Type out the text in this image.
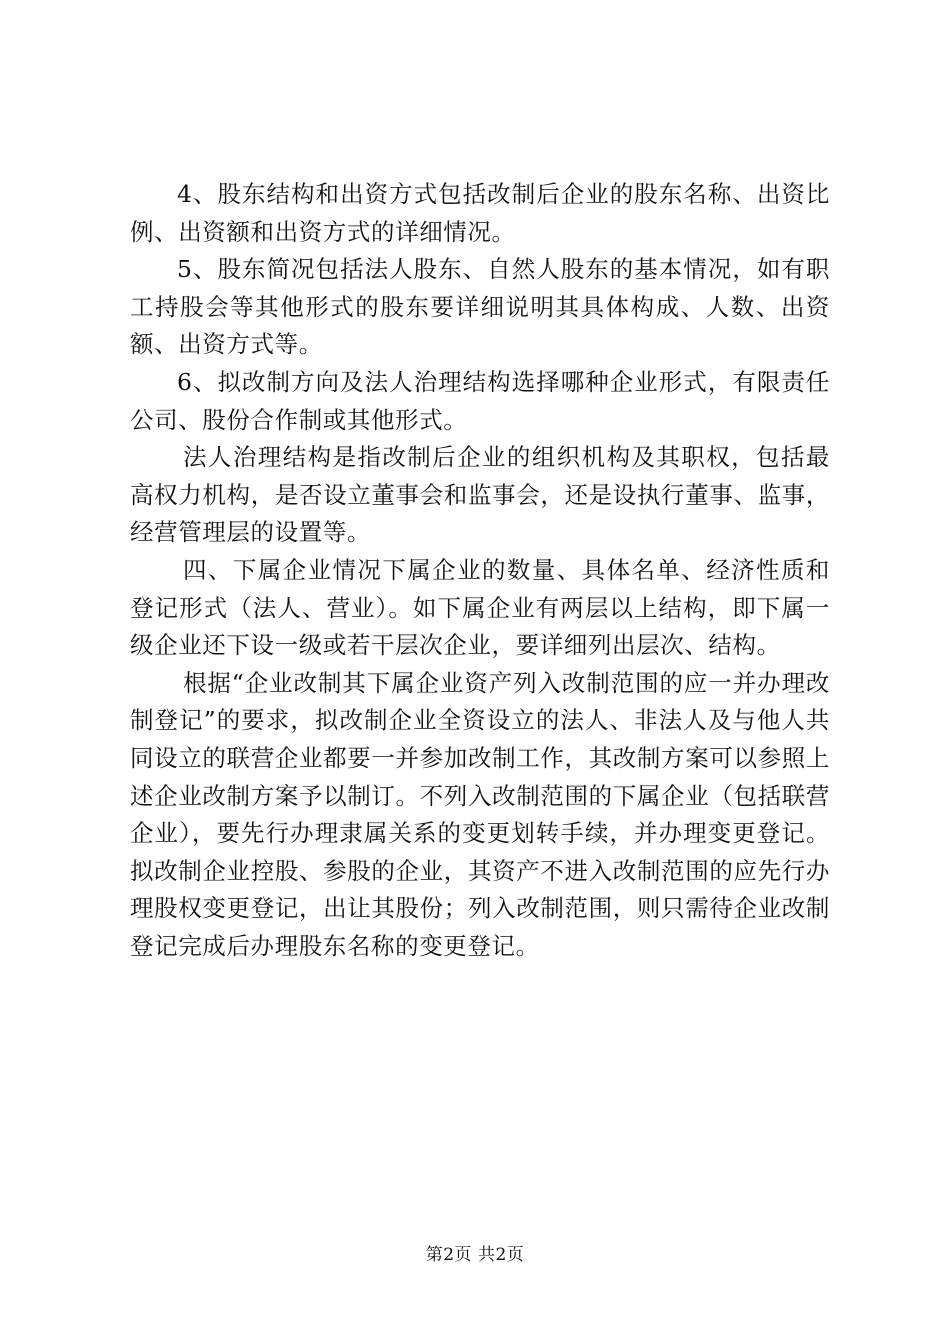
4、股东结构和出资方式包括改制后企业的股东名称、出资比例、出资额和出资方式的详细情况。

5、股东简况包括法人股东、自然人股东的基本情况，如有职工持股会等其他形式的股东要详细说明其具体构成、人数、出资额、出资方式等。

6、拟改制方向及法人治理结构选择哪种企业形式，有限责任公司、股份合作制或其他形式。

法人治理结构是指改制后企业的组织机构及其职权，包括最高权力机构，是否设立董事会和监事会，还是设执行董事、监事，经营管理层的设置等。

四、下属企业情况下属企业的数量、具体名单、经济性质和登记形式（法人、营业）。如下属企业有两层以上结构，即下属一级企业还下设一级或若干层次企业，要详细列出层次、结构。

根据“企业改制其下属企业资产列入改制范围的应一并办理改制登记”的要求，拟改制企业全资设立的法人、非法人及与他人共同设立的联营企业都要一并参加改制工作，其改制方案可以参照上述企业改制方案予以制订。不列入改制范围的下属企业（包括联营企业），要先行办理隶属关系的变更划转手续，并办理变更登记。拟改制企业控股、参股的企业，其资产不进入改制范围的应先行办理股权变更登记，出让其股份；列入改制范围，则只需待企业改制登记完成后办理股东名称的变更登记。

第2页 共2页
